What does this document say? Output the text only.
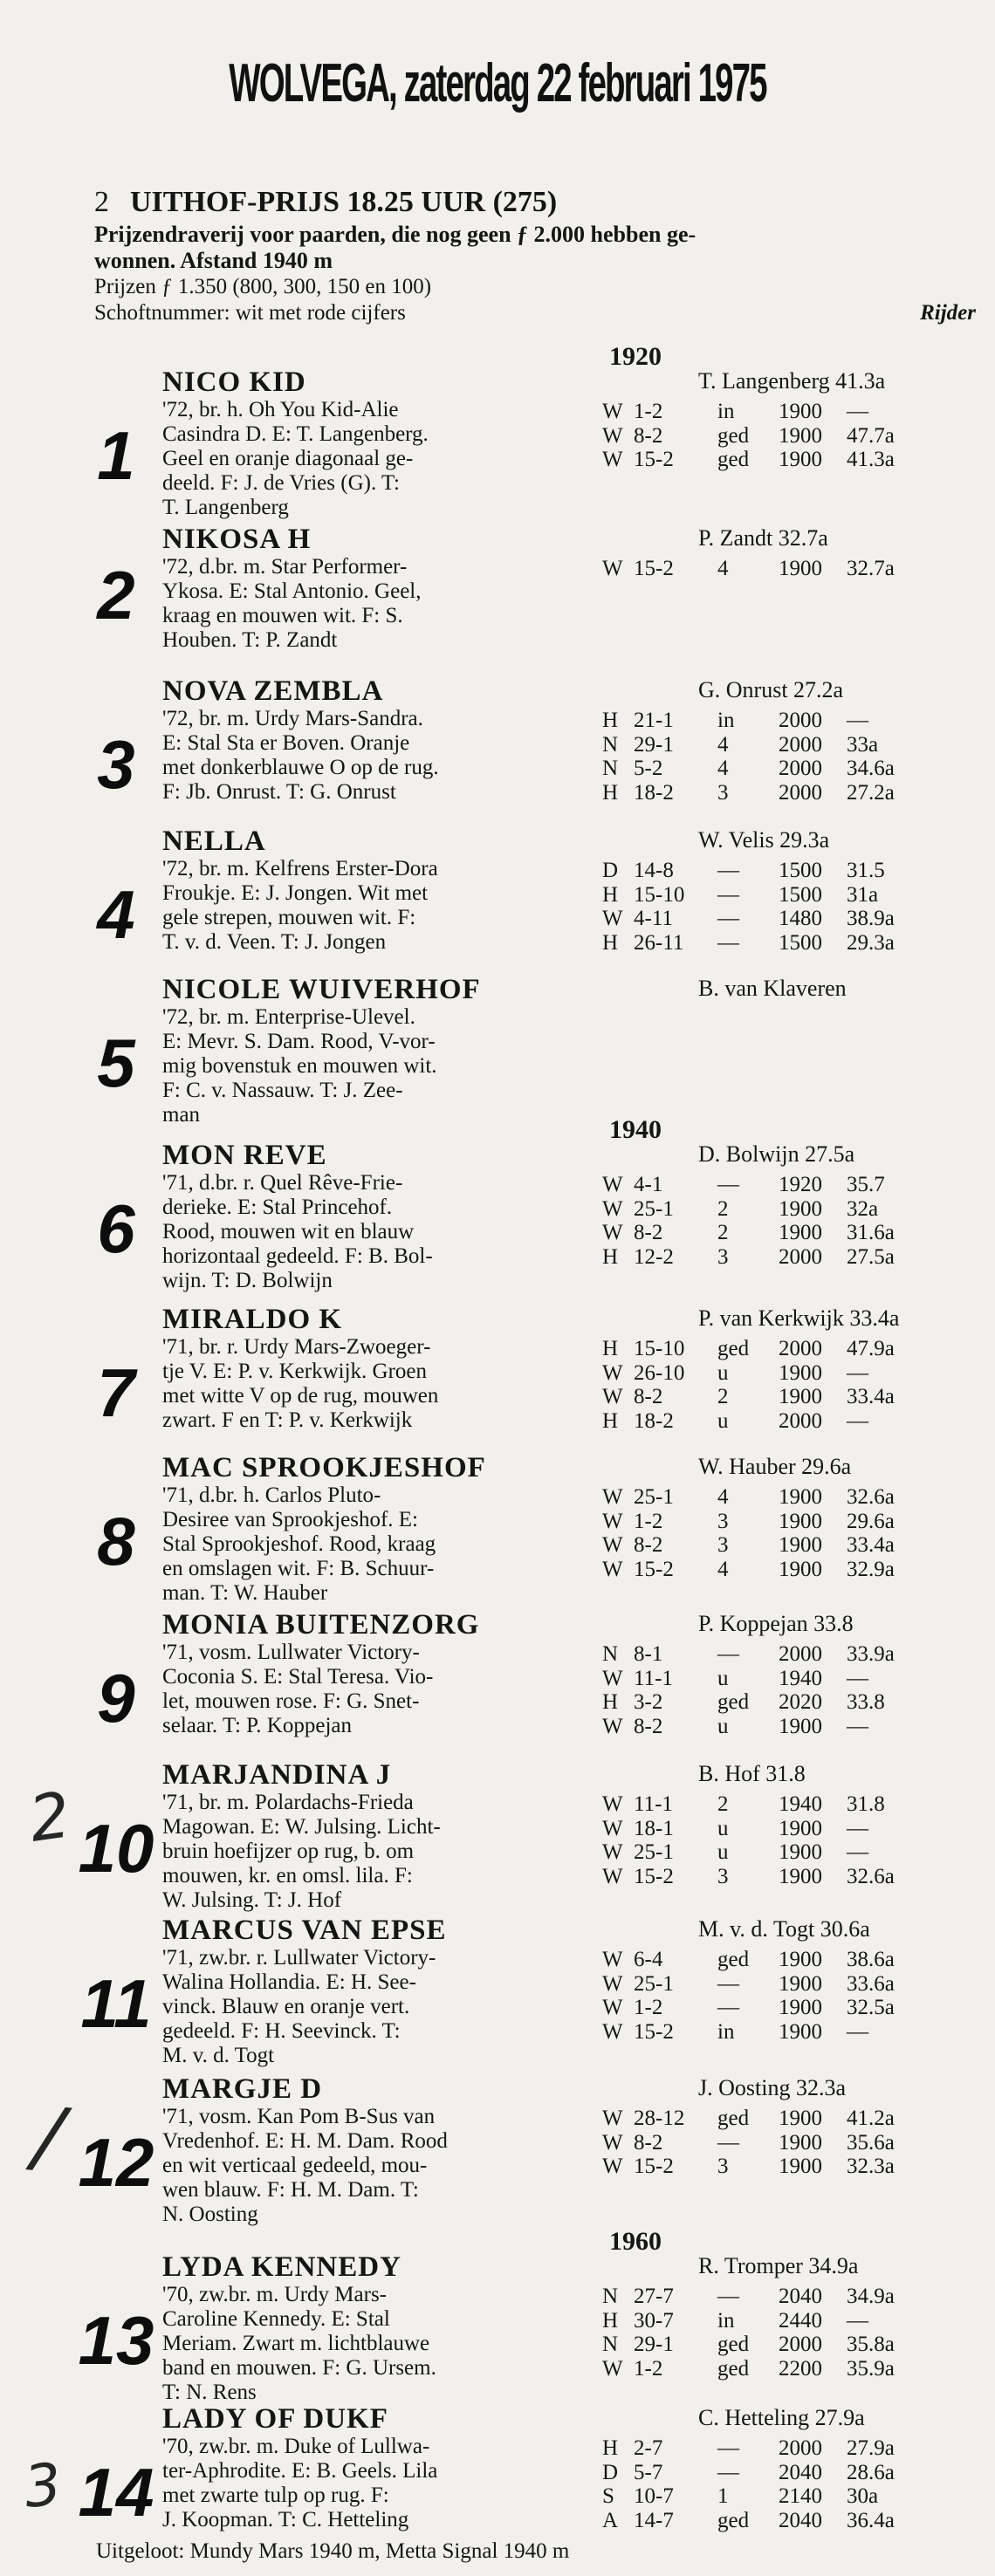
WOLVEGA, zaterdag 22 februari 1975
2 UITHOF-PRIJS 18.25 UUR (275)
Prijzendraverij voor paarden, die nog geen ƒ 2.000 hebben ge-
wonnen. Afstand 1940 m
Prijzen ƒ 1.350 (800, 300, 150 en 100)
Schoftnummer: wit met rode cijfers	Rijder
1920
1940
1960
1
NICO KID	T. Langenberg 41.3a
'72, br. h. Oh You Kid-Alie
Casindra D. E: T. Langenberg.
Geel en oranje diagonaal ge-
deeld. F: J. de Vries (G). T:
T. Langenberg
W 1-2	in	1900	—
W 8-2	ged	1900	47.7a
W 15-2	ged	1900	41.3a
2
NIKOSA H	P. Zandt 32.7a
'72, d.br. m. Star Performer-
Ykosa. E: Stal Antonio. Geel,
kraag en mouwen wit. F: S.
Houben. T: P. Zandt
W 15-2	4	1900	32.7a
3
NOVA ZEMBLA	G. Onrust 27.2a
'72, br. m. Urdy Mars-Sandra.
E: Stal Sta er Boven. Oranje
met donkerblauwe O op de rug.
F: Jb. Onrust. T: G. Onrust
H 21-1	in	2000	—
N 29-1	4	2000	33a
N 5-2	4	2000	34.6a
H 18-2	3	2000	27.2a
4
NELLA	W. Velis 29.3a
'72, br. m. Kelfrens Erster-Dora
Froukje. E: J. Jongen. Wit met
gele strepen, mouwen wit. F:
T. v. d. Veen. T: J. Jongen
D 14-8	—	1500	31.5
H 15-10	—	1500	31a
W 4-11	—	1480	38.9a
H 26-11	—	1500	29.3a
5
NICOLE WUIVERHOF	B. van Klaveren
'72, br. m. Enterprise-Ulevel.
E: Mevr. S. Dam. Rood, V-vor-
mig bovenstuk en mouwen wit.
F: C. v. Nassauw. T: J. Zee-
man
6
MON REVE	D. Bolwijn 27.5a
'71, d.br. r. Quel Rêve-Frie-
derieke. E: Stal Princehof.
Rood, mouwen wit en blauw
horizontaal gedeeld. F: B. Bol-
wijn. T: D. Bolwijn
W 4-1	—	1920	35.7
W 25-1	2	1900	32a
W 8-2	2	1900	31.6a
H 12-2	3	2000	27.5a
7
MIRALDO K	P. van Kerkwijk 33.4a
'71, br. r. Urdy Mars-Zwoeger-
tje V. E: P. v. Kerkwijk. Groen
met witte V op de rug, mouwen
zwart. F en T: P. v. Kerkwijk
H 15-10	ged	2000	47.9a
W 26-10	u	1900	—
W 8-2	2	1900	33.4a
H 18-2	u	2000	—
8
MAC SPROOKJESHOF	W. Hauber 29.6a
'71, d.br. h. Carlos Pluto-
Desiree van Sprookjeshof. E:
Stal Sprookjeshof. Rood, kraag
en omslagen wit. F: B. Schuur-
man. T: W. Hauber
W 25-1	4	1900	32.6a
W 1-2	3	1900	29.6a
W 8-2	3	1900	33.4a
W 15-2	4	1900	32.9a
9
MONIA BUITENZORG	P. Koppejan 33.8
'71, vosm. Lullwater Victory-
Coconia S. E: Stal Teresa. Vio-
let, mouwen rose. F: G. Snet-
selaar. T: P. Koppejan
N 8-1	—	2000	33.9a
W 11-1	u	1940	—
H 3-2	ged	2020	33.8
W 8-2	u	1900	—
10
MARJANDINA J	B. Hof 31.8
'71, br. m. Polardachs-Frieda
Magowan. E: W. Julsing. Licht-
bruin hoefijzer op rug, b. om
mouwen, kr. en omsl. lila. F:
W. Julsing. T: J. Hof
W 11-1	2	1940	31.8
W 18-1	u	1900	—
W 25-1	u	1900	—
W 15-2	3	1900	32.6a
11
MARCUS VAN EPSE	M. v. d. Togt 30.6a
'71, zw.br. r. Lullwater Victory-
Walina Hollandia. E: H. See-
vinck. Blauw en oranje vert.
gedeeld. F: H. Seevinck. T:
M. v. d. Togt
W 6-4	ged	1900	38.6a
W 25-1	—	1900	33.6a
W 1-2	—	1900	32.5a
W 15-2	in	1900	—
12
MARGJE D	J. Oosting 32.3a
'71, vosm. Kan Pom B-Sus van
Vredenhof. E: H. M. Dam. Rood
en wit verticaal gedeeld, mou-
wen blauw. F: H. M. Dam. T:
N. Oosting
W 28-12	ged	1900	41.2a
W 8-2	—	1900	35.6a
W 15-2	3	1900	32.3a
13
LYDA KENNEDY	R. Tromper 34.9a
'70, zw.br. m. Urdy Mars-
Caroline Kennedy. E: Stal
Meriam. Zwart m. lichtblauwe
band en mouwen. F: G. Ursem.
T: N. Rens
N 27-7	—	2040	34.9a
H 30-7	in	2440	—
N 29-1	ged	2000	35.8a
W 1-2	ged	2200	35.9a
14
LADY OF DUKF	C. Hetteling 27.9a
'70, zw.br. m. Duke of Lullwa-
ter-Aphrodite. E: B. Geels. Lila
met zwarte tulp op rug. F:
J. Koopman. T: C. Hetteling
H 2-7	—	2000	27.9a
D 5-7	—	2040	28.6a
S 10-7	1	2140	30a
A 14-7	ged	2040	36.4a
Uitgeloot: Mundy Mars 1940 m, Metta Signal 1940 m
2
/
3
